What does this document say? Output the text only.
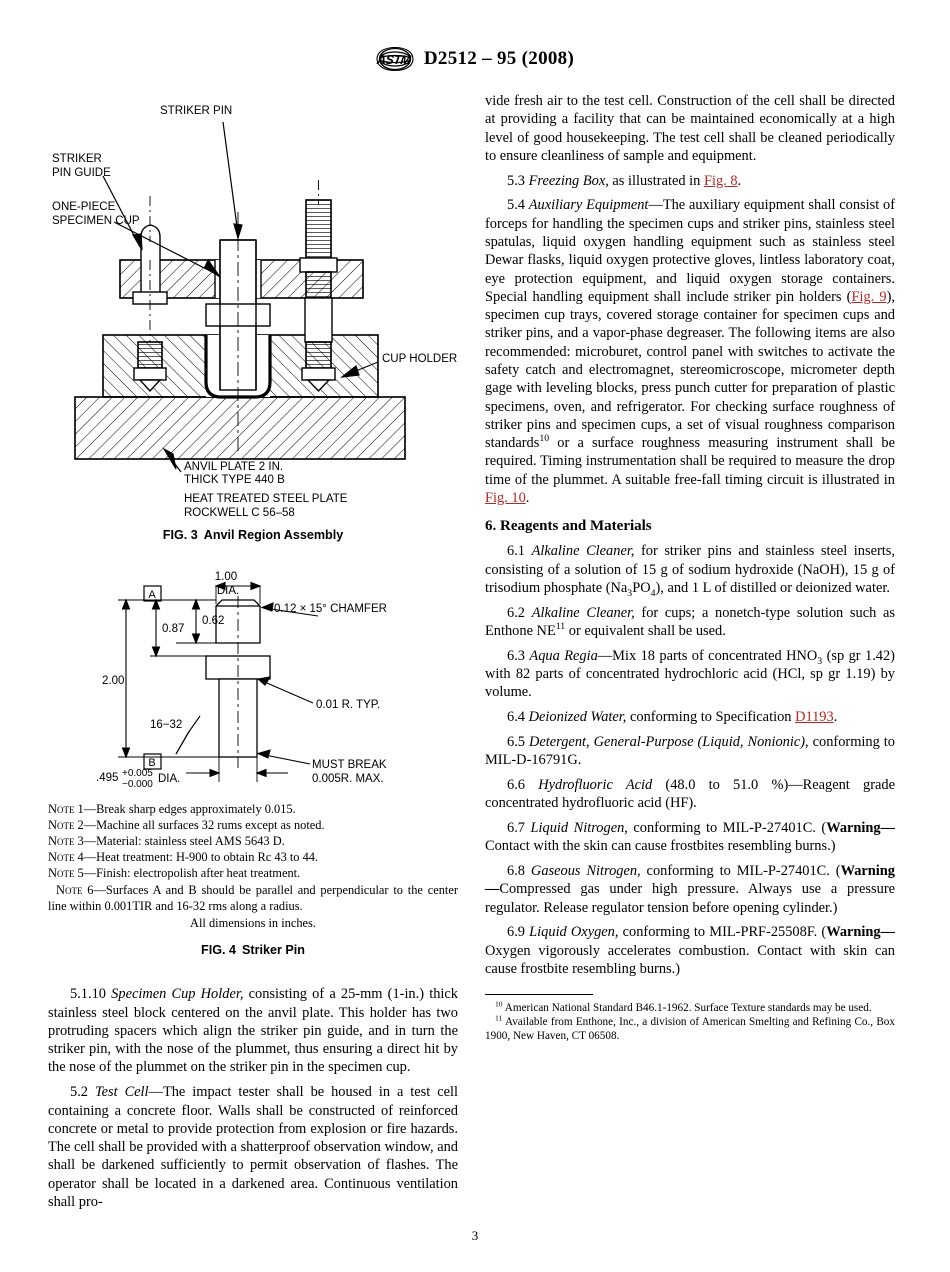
A
S
T
M D2512 – 95 (2008)
STRIKER PIN
STRIKER
PIN GUIDE
ONE-PIECE
SPECIMEN CUP
CUP HOLDER
ANVIL PLATE 2 IN.
THICK TYPE 440 B
HEAT TREATED STEEL PLATE
ROCKWELL C 56–58
FIG. 3 Anvil Region Assembly
1.00
DIA.
0.12 × 15° CHAMFER
A
B
0.87
0.62
2.00
0.01 R. TYP.
16−32
MUST BREAK
0.005R. MAX.
.495 +0.005
−0.000 DIA.

Note 1—Break sharp edges approximately 0.015.

Note 2—Machine all surfaces 32 rums except as noted.

Note 3—Material: stainless steel AMS 5643 D.

Note 4—Heat treatment: H-900 to obtain Rc 43 to 44.

Note 5—Finish: electropolish after heat treatment.

Note 6—Surfaces A and B should be parallel and perpendicular to the center line within 0.001TIR and 16-32 rms along a radius.

All dimensions in inches.

FIG. 4 Striker Pin

5.1.10 Specimen Cup Holder, consisting of a 25-mm (1-in.) thick stainless steel block centered on the anvil plate. This holder has two protruding spacers which align the striker pin guide, and in turn the striker pin, with the nose of the plummet, thus ensuring a direct hit by the nose of the plummet on the striker pin in the specimen cup.

5.2 Test Cell—The impact tester shall be housed in a test cell containing a concrete floor. Walls shall be constructed of reinforced concrete or metal to provide protection from explosion or fire hazards. The cell shall be provided with a shatterproof observation window, and shall be darkened sufficiently to permit observation of flashes. The operator shall be located in a darkened area. Continuous ventilation shall pro-

vide fresh air to the test cell. Construction of the cell shall be directed at providing a facility that can be maintained economically at a high level of good housekeeping. The test cell shall be cleaned periodically to ensure cleanliness of sample and equipment.

5.3 Freezing Box, as illustrated in Fig. 8.

5.4 Auxiliary Equipment—The auxiliary equipment shall consist of forceps for handling the specimen cups and striker pins, stainless steel spatulas, liquid oxygen handling equipment such as stainless steel Dewar flasks, liquid oxygen protective gloves, lintless laboratory coat, eye protection equipment, and liquid oxygen storage containers. Special handling equipment shall include striker pin holders (Fig. 9), specimen cup trays, covered storage container for specimen cups and striker pins, and a vapor-phase degreaser. The following items are also recommended: microburet, control panel with switches to activate the safety catch and electromagnet, stereomicroscope, micrometer depth gage with leveling blocks, press punch cutter for preparation of plastic specimens, oven, and refrigerator. For checking surface roughness of striker pins and specimen cups, a set of visual roughness comparison standards$^{10}$ or a surface roughness measuring instrument shall be required. Timing instrumentation shall be required to measure the drop time of the plummet. A suitable free-fall timing circuit is illustrated in Fig. 10.

6. Reagents and Materials

6.1 Alkaline Cleaner, for striker pins and stainless steel inserts, consisting of a solution of 15 g of sodium hydroxide (NaOH), 15 g of trisodium phosphate $(Na_3PO_4)$, and 1 L of distilled or deionized water.

6.2 Alkaline Cleaner, for cups; a nonetch-type solution such as Enthone NE$^{11}$ or equivalent shall be used.

6.3 Aqua Regia—Mix 18 parts of concentrated $HNO_3$ (sp gr 1.42) with 82 parts of concentrated hydrochloric acid (HCl, sp gr 1.19) by volume.

6.4 Deionized Water, conforming to Specification D1193.

6.5 Detergent, General-Purpose (Liquid, Nonionic), conforming to MIL-D-16791G.

6.6 Hydrofluoric Acid (48.0 to 51.0 %)—Reagent grade concentrated hydrofluoric acid (HF).

6.7 Liquid Nitrogen, conforming to MIL-P-27401C. (Warning—Contact with the skin can cause frostbites resembling burns.)

6.8 Gaseous Nitrogen, conforming to MIL-P-27401C. (Warning—Compressed gas under high pressure. Always use a pressure regulator. Release regulator tension before opening cylinder.)

6.9 Liquid Oxygen, conforming to MIL-PRF-25508F. (Warning—Oxygen vigorously accelerates combustion. Contact with skin can cause frostbite resembling burns.)

$^{10}$ American National Standard B46.1-1962. Surface Texture standards may be used.

$^{11}$ Available from Enthone, Inc., a division of American Smelting and Refining Co., Box 1900, New Haven, CT 06508.

3
